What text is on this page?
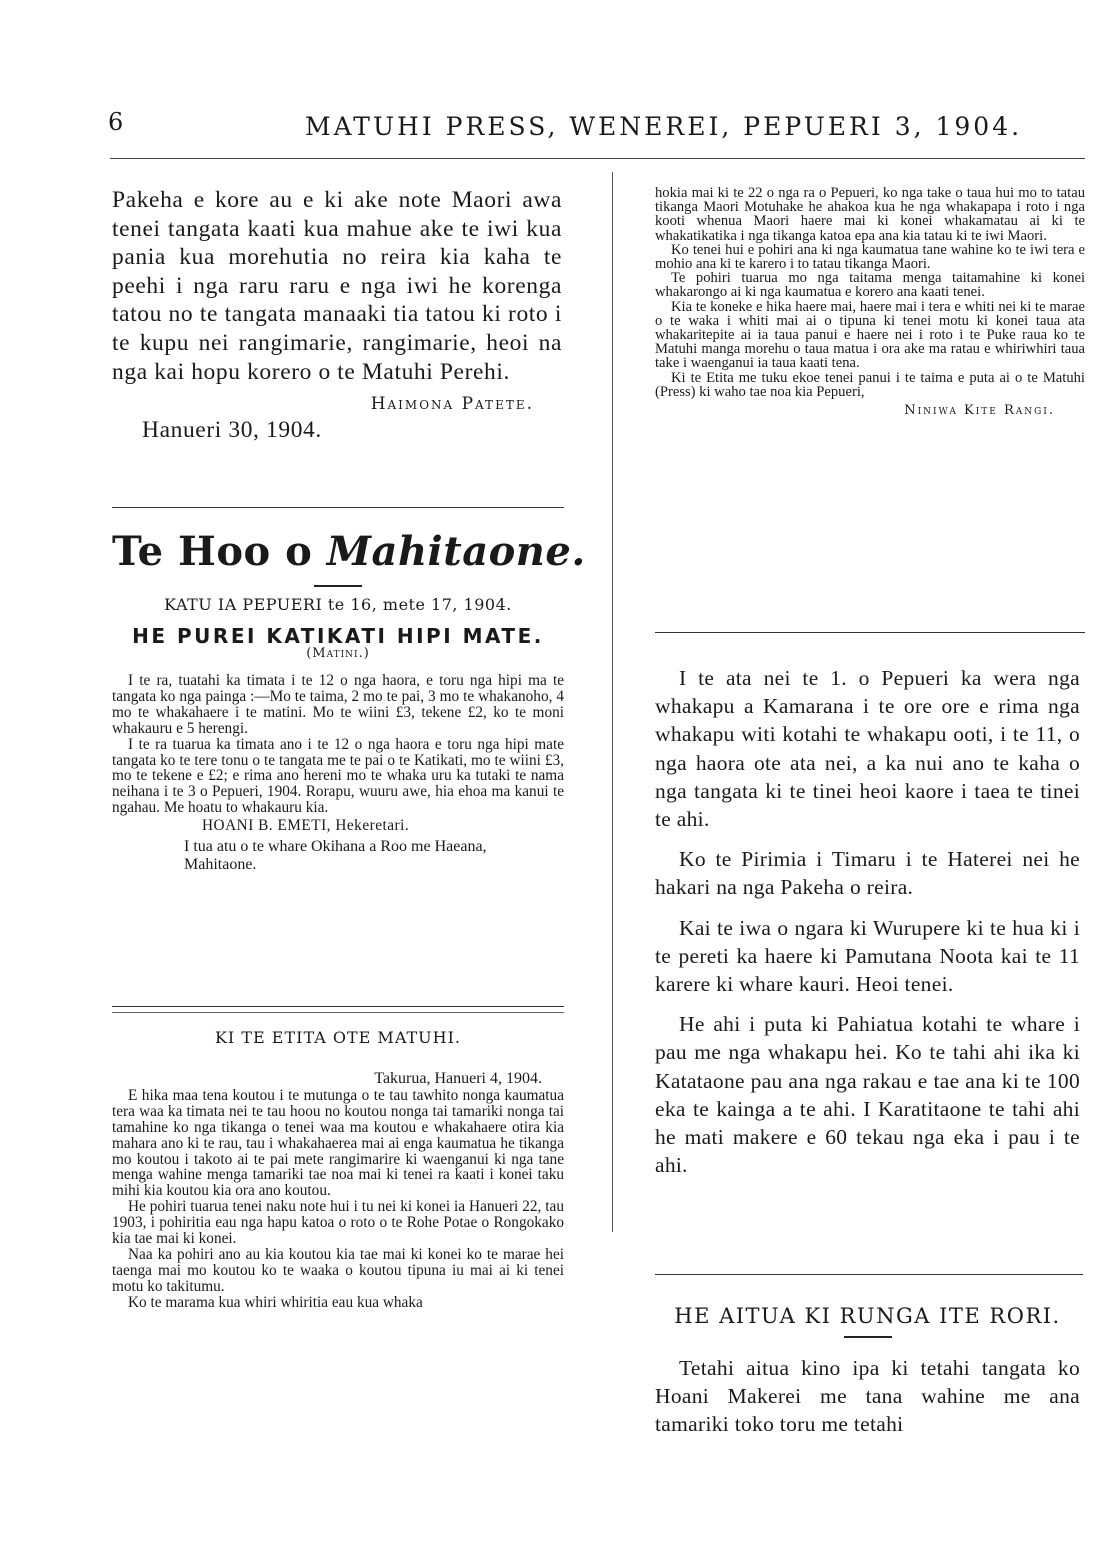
6	MATUHI PRESS, WENEREI, PEPUERI 3, 1904.
Pakeha e kore au e ki ake note Maori awa tenei tangata kaati kua mahue ake te iwi kua pania kua morehutia no reira kia kaha te peehi i nga raru raru e nga iwi he korenga tatou no te tangata manaaki tia tatou ki roto i te kupu nei rangimarie, rangimarie, heoi na nga kai hopu korero o te Matuhi Perehi.
Haimona Patete.
Hanueri 30, 1904.
Te Hoo o Mahitaone.
KATU IA PEPUERI te 16, mete 17, 1904.
HE PUREI KATIKATI HIPI MATE.
(Matini.)

I te ra, tuatahi ka timata i te 12 o nga haora, e toru nga hipi ma te tangata ko nga painga :—Mo te taima, 2 mo te pai, 3 mo te whakanoho, 4 mo te whakahaere i te matini. Mo te wiini £3, tekene £2, ko te moni whakauru e 5 herengi.

I te ra tuarua ka timata ano i te 12 o nga haora e toru nga hipi mate tangata ko te tere tonu o te tangata me te pai o te Katikati, mo te wiini £3, mo te tekene e £2; e rima ano hereni mo te whaka uru ka tutaki te nama neihana i te 3 o Pepueri, 1904. Rorapu, wuuru awe, hia ehoa ma kanui te ngahau. Me hoatu to whakauru kia.

HOANI B. EMETI, Hekeretari.
I tua atu o te whare Okihana a Roo me Haeana, Mahitaone.
KI TE ETITA OTE MATUHI.
Takurua, Hanueri 4, 1904.

E hika maa tena koutou i te mutunga o te tau tawhito nonga kaumatua tera waa ka timata nei te tau hoou no koutou nonga tai tamariki nonga tai tamahine ko nga tikanga o tenei waa ma koutou e whakahaere otira kia mahara ano ki te rau, tau i whakahaerea mai ai enga kaumatua he tikanga mo koutou i takoto ai te pai mete rangimarire ki waenganui ki nga tane menga wahine menga tamariki tae noa mai ki tenei ra kaati i konei taku mihi kia koutou kia ora ano koutou.

He pohiri tuarua tenei naku note hui i tu nei ki konei ia Hanueri 22, tau 1903, i pohiritia eau nga hapu katoa o roto o te Rohe Potae o Rongokako kia tae mai ki konei.

Naa ka pohiri ano au kia koutou kia tae mai ki konei ko te marae hei taenga mai mo koutou ko te waaka o koutou tipuna iu mai ai ki tenei motu ko takitumu.

Ko te marama kua whiri whiritia eau kua whaka

hokia mai ki te 22 o nga ra o Pepueri, ko nga take o taua hui mo to tatau tikanga Maori Motuhake he ahakoa kua he nga whakapapa i roto i nga kooti whenua Maori haere mai ki konei whakamatau ai ki te whakatikatika i nga tikanga katoa epa ana kia tatau ki te iwi Maori.

Ko tenei hui e pohiri ana ki nga kaumatua tane wahine ko te iwi tera e mohio ana ki te karero i to tatau tikanga Maori.

Te pohiri tuarua mo nga taitama menga taitamahine ki konei whakarongo ai ki nga kaumatua e korero ana kaati tenei.

Kia te koneke e hika haere mai, haere mai i tera e whiti nei ki te marae o te waka i whiti mai ai o tipuna ki tenei motu ki konei taua ata whakaritерite ai ia taua panui e haere nei i roto i te Puke raua ko te Matuhi manga morehu o taua matua i ora ake ma ratau e whiriwhiri taua take i waenganui ia taua kaati tena.

Ki te Etita me tuku ekoe tenei panui i te taima e puta ai o te Matuhi (Press) ki waho tae noa kia Pepueri,

Niniwa Kite Rangi.

I te ata nei te 1. o Pepueri ka wera nga whakapu a Kamarana i te ore ore e rima nga whakapu witi kotahi te whakapu ooti, i te 11, o nga haora ote ata nei, a ka nui ano te kaha o nga tangata ki te tinei heoi kaore i taea te tinei te ahi.

Ko te Pirimia i Timaru i te Haterei nei he hakari na nga Pakeha o reira.

Kai te iwa o ngara ki Wurupere ki te hua ki i te pereti ka haere ki Pamutana Noota kai te 11 karere ki whare kauri. Heoi tenei.

He ahi i puta ki Pahiatua kotahi te whare i pau me nga whakapu hei. Ko te tahi ahi ika ki Katataone pau ana nga rakau e tae ana ki te 100 eka te kainga a te ahi. I Karatitaone te tahi ahi he mati makere e 60 tekau nga eka i pau i te ahi.

HE AITUA KI RUNGA ITE RORI.

Tetahi aitua kino ipa ki tetahi tangata ko Hoani Makerei me tana wahine me ana tamariki toko toru me tetahi
